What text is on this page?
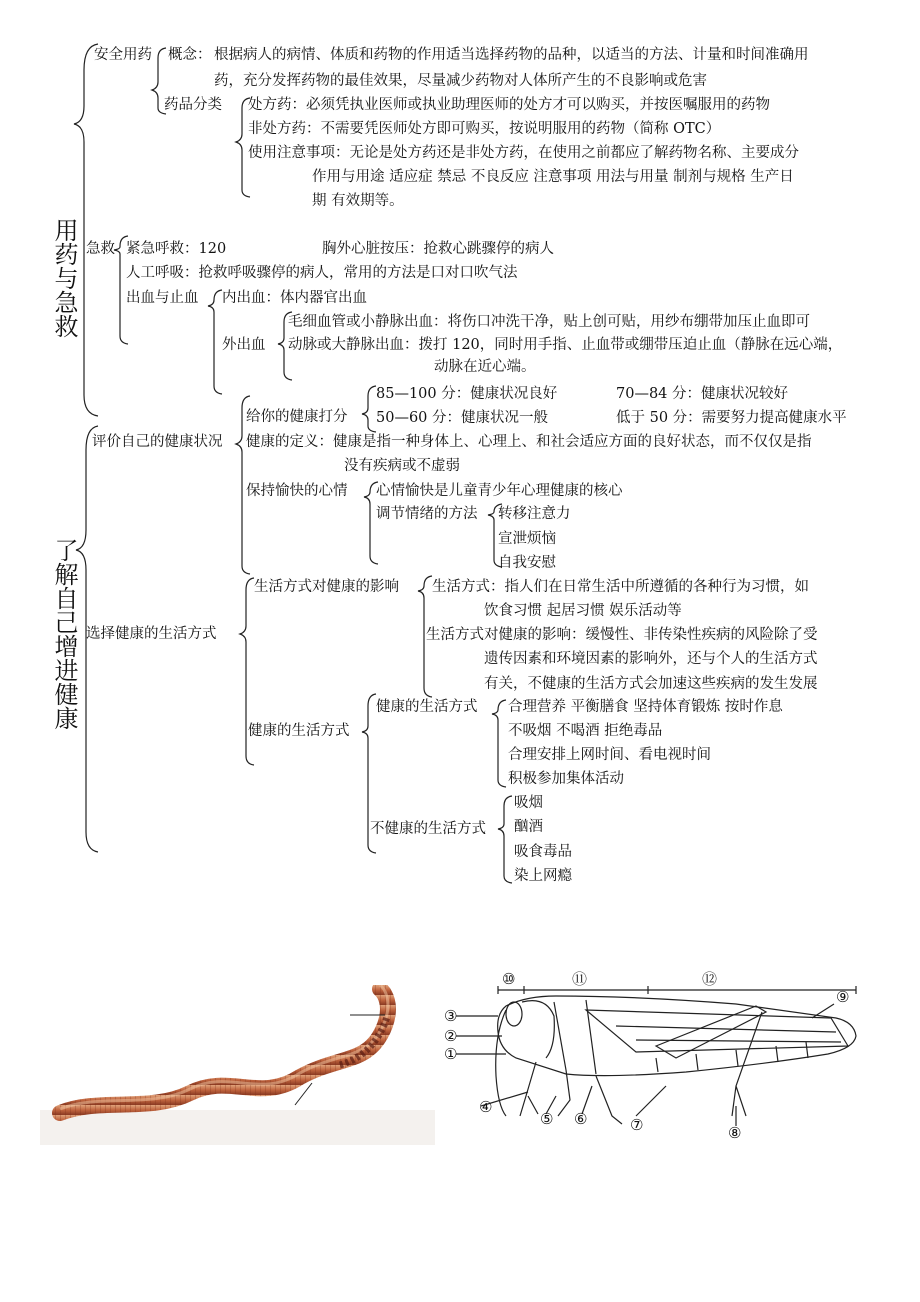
用药与急救
安全用药 概念： 根据病人的病情、体质和药物的作用适当选择药物的品种，以适当的方法、计量和时间准确用
药，充分发挥药物的最佳效果，尽量减少药物对人体所产生的不良影响或危害
药品分类 处方药：必须凭执业医师或执业助理医师的处方才可以购买，并按医嘱服用的药物
非处方药：不需要凭医师处方即可购买，按说明服用的药物（简称 OTC）
使用注意事项：无论是处方药还是非处方药，在使用之前都应了解药物名称、主要成分
作用与用途 适应症 禁忌 不良反应 注意事项 用法与用量 制剂与规格 生产日
期 有效期等。
急救 紧急呼救：120	胸外心脏按压：抢救心跳骤停的病人
人工呼吸：抢救呼吸骤停的病人，常用的方法是口对口吹气法
出血与止血 内出血：体内器官出血
外出血
毛细血管或小静脉出血：将伤口冲洗干净，贴上创可贴，用纱布绷带加压止血即可
动脉或大静脉出血：拨打 120，同时用手指、止血带或绷带压迫止血（静脉在远心端，
动脉在近心端。
了解自己增进健康
评价自己的健康状况
给你的健康打分
85—100 分：健康状况良好	70—84 分：健康状况较好
50—60 分：健康状况一般	低于 50 分：需要努力提高健康水平
健康的定义：健康是指一种身体上、心理上、和社会适应方面的良好状态，而不仅仅是指
没有疾病或不虚弱
保持愉快的心情 心情愉快是儿童青少年心理健康的核心
调节情绪的方法 转移注意力
宣泄烦恼
自我安慰
选择健康的生活方式
生活方式对健康的影响 生活方式：指人们在日常生活中所遵循的各种行为习惯，如
饮食习惯 起居习惯 娱乐活动等
生活方式对健康的影响：缓慢性、非传染性疾病的风险除了受
遗传因素和环境因素的影响外，还与个人的生活方式
有关，不健康的生活方式会加速这些疾病的发生发展
健康的生活方式
健康的生活方式 合理营养 平衡膳食 坚持体育锻炼 按时作息
不吸烟 不喝酒 拒绝毒品
合理安排上网时间、看电视时间
积极参加集体活动
不健康的生活方式
吸烟
酗酒
吸食毒品
染上网瘾
③
②
①
④
⑤ ⑥	⑦	⑧
⑨
⑩	⑪	⑫
